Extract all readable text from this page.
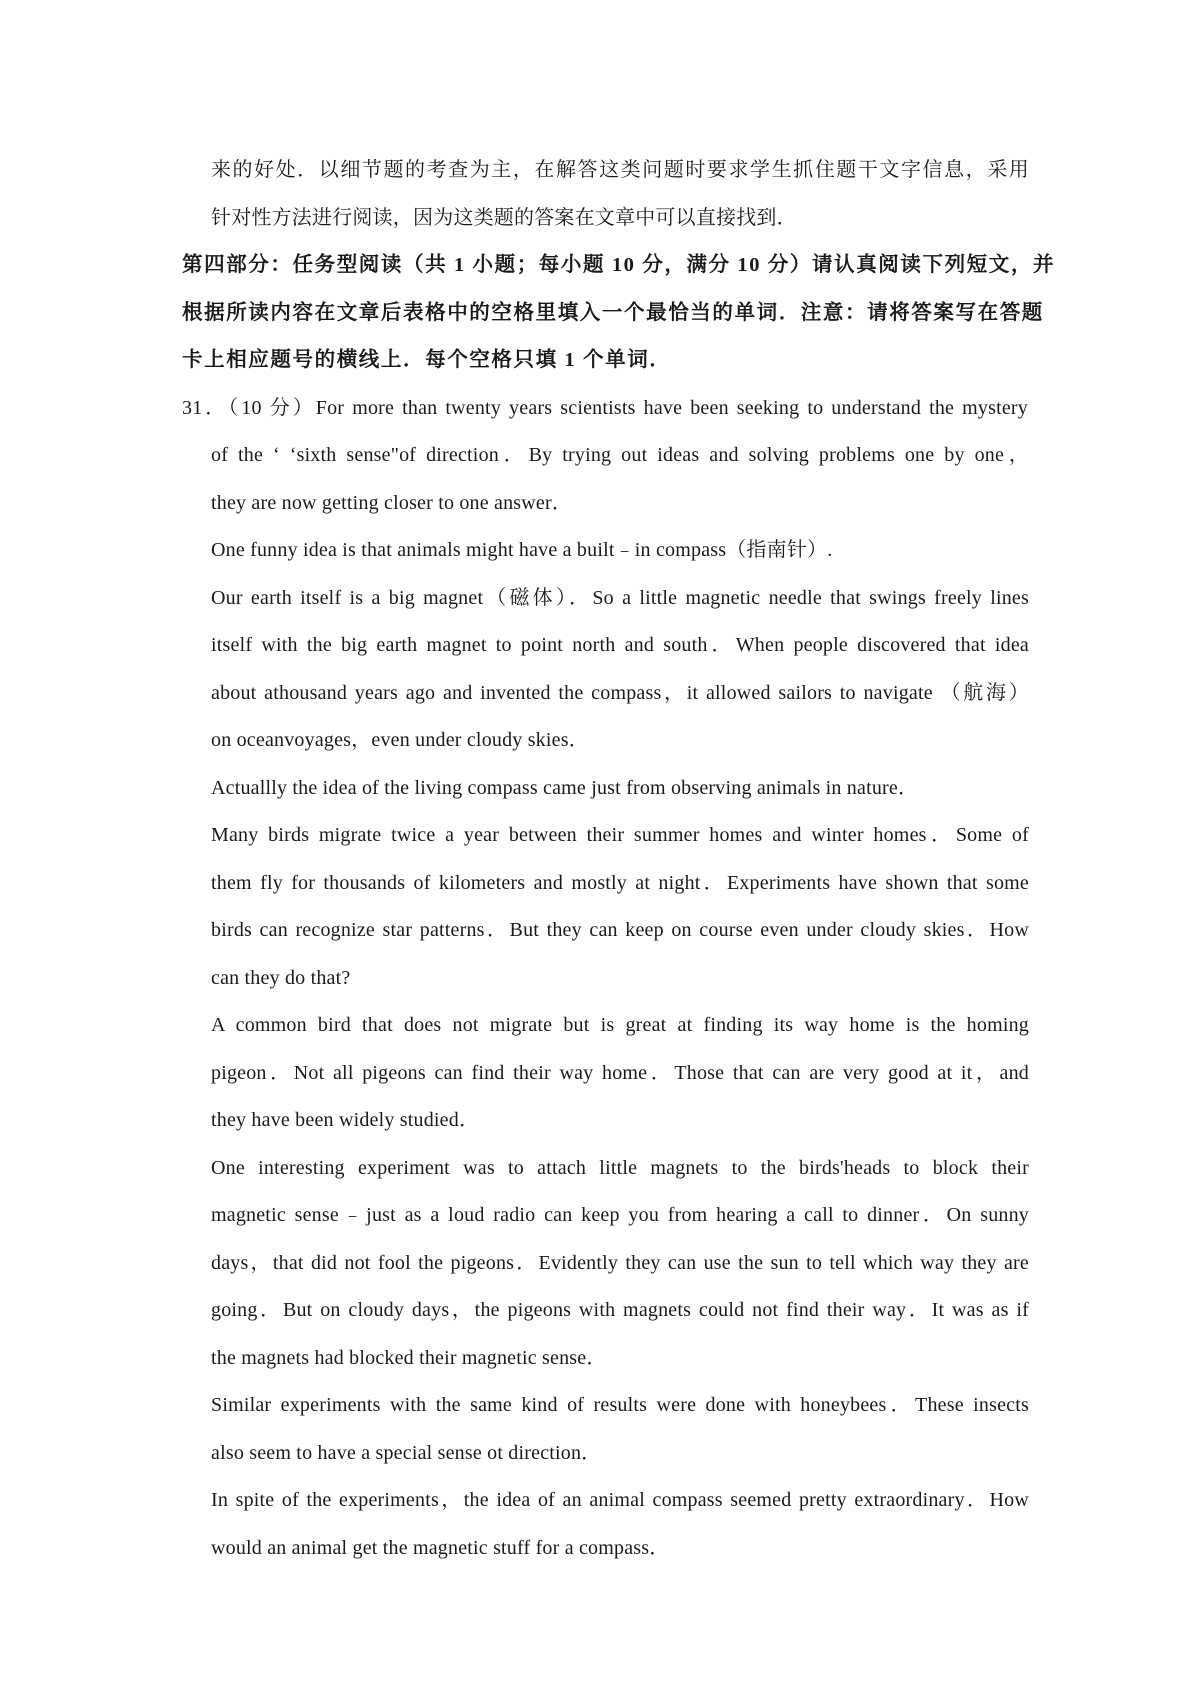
来的好处．以细节题的考查为主，在解答这类问题时要求学生抓住题干文字信息，采用
针对性方法进行阅读，因为这类题的答案在文章中可以直接找到．
第四部分：任务型阅读（共 1 小题；每小题 10 分，满分 10 分）请认真阅读下列短文，并
根据所读内容在文章后表格中的空格里填入一个最恰当的单词．注意：请将答案写在答题
卡上相应题号的横线上．每个空格只填 1 个单词．
31．（10 分）For more than twenty years scientists have been seeking to understand the mystery
of the ‘ ‘sixth sense"of direction．By trying out ideas and solving problems one by one，
they are now getting closer to one answer．
One funny idea is that animals might have a built﹣in compass（指南针）.
Our earth itself is a big magnet（磁体）．So a little magnetic needle that swings freely lines
itself with the big earth magnet to point north and south．When people discovered that idea
about athousand years ago and invented the compass，it allowed sailors to navigate （航海）
on oceanvoyages，even under cloudy skies．
Actuallly the idea of the living compass came just from observing animals in nature．
Many birds migrate twice a year between their summer homes and winter homes．Some of
them fly for thousands of kilometers and mostly at night．Experiments have shown that some
birds can recognize star patterns．But they can keep on course even under cloudy skies．How
can they do that?
A common bird that does not migrate but is great at finding its way home is the homing
pigeon．Not all pigeons can find their way home．Those that can are very good at it，and
they have been widely studied．
One interesting experiment was to attach little magnets to the birds'heads to block their
magnetic sense﹣just as a loud radio can keep you from hearing a call to dinner．On sunny
days，that did not fool the pigeons．Evidently they can use the sun to tell which way they are
going．But on cloudy days，the pigeons with magnets could not find their way．It was as if
the magnets had blocked their magnetic sense．
Similar experiments with the same kind of results were done with honeybees．These insects
also seem to have a special sense ot direction．
In spite of the experiments，the idea of an animal compass seemed pretty extraordinary．How
would an animal get the magnetic stuff for a compass．
